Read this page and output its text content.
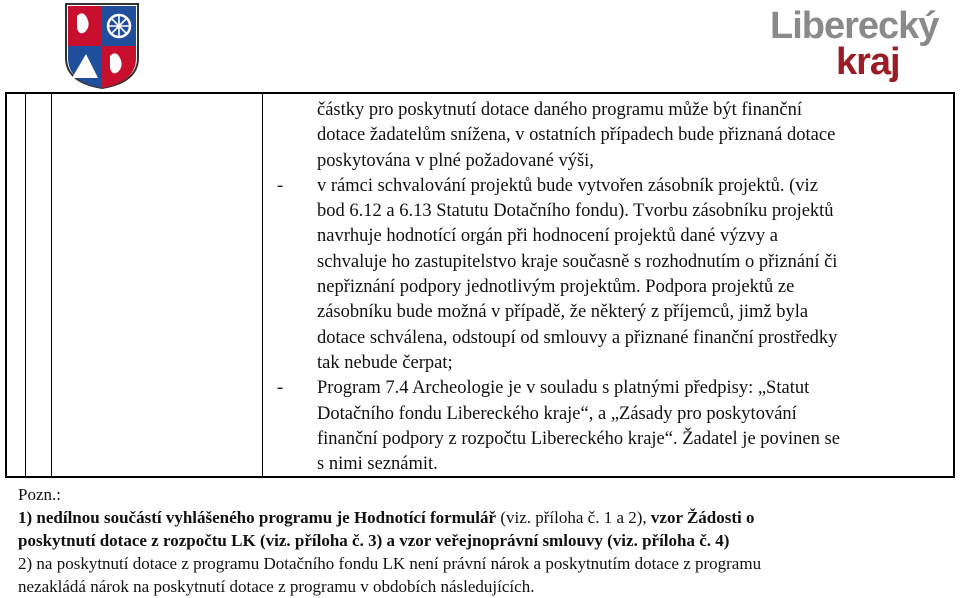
Liberecký
kraj
částky pro poskytnutí dotace daného programu může být finanční
dotace žadatelům snížena, v ostatních případech bude přiznaná dotace
poskytována v plné požadované výši,
- v rámci schvalování projektů bude vytvořen zásobník projektů. (viz
bod 6.12 a 6.13 Statutu Dotačního fondu). Tvorbu zásobníku projektů
navrhuje hodnotící orgán při hodnocení projektů dané výzvy a
schvaluje ho zastupitelstvo kraje současně s rozhodnutím o přiznání či
nepřiznání podpory jednotlivým projektům. Podpora projektů ze
zásobníku bude možná v případě, že některý z příjemců, jimž byla
dotace schválena, odstoupí od smlouvy a přiznané finanční prostředky
tak nebude čerpat;
- Program 7.4 Archeologie je v souladu s platnými předpisy: „Statut
Dotačního fondu Libereckého kraje“, a „Zásady pro poskytování
finanční podpory z rozpočtu Libereckého kraje“. Žadatel je povinen se
s nimi seznámit.
Pozn.:
1) nedílnou součástí vyhlášeného programu je Hodnotící formulář (viz. příloha č. 1 a 2), vzor Žádosti o
poskytnutí dotace z rozpočtu LK (viz. příloha č. 3) a vzor veřejnoprávní smlouvy (viz. příloha č. 4)
2) na poskytnutí dotace z programu Dotačního fondu LK není právní nárok a poskytnutím dotace z programu
nezakládá nárok na poskytnutí dotace z programu v obdobích následujících.
